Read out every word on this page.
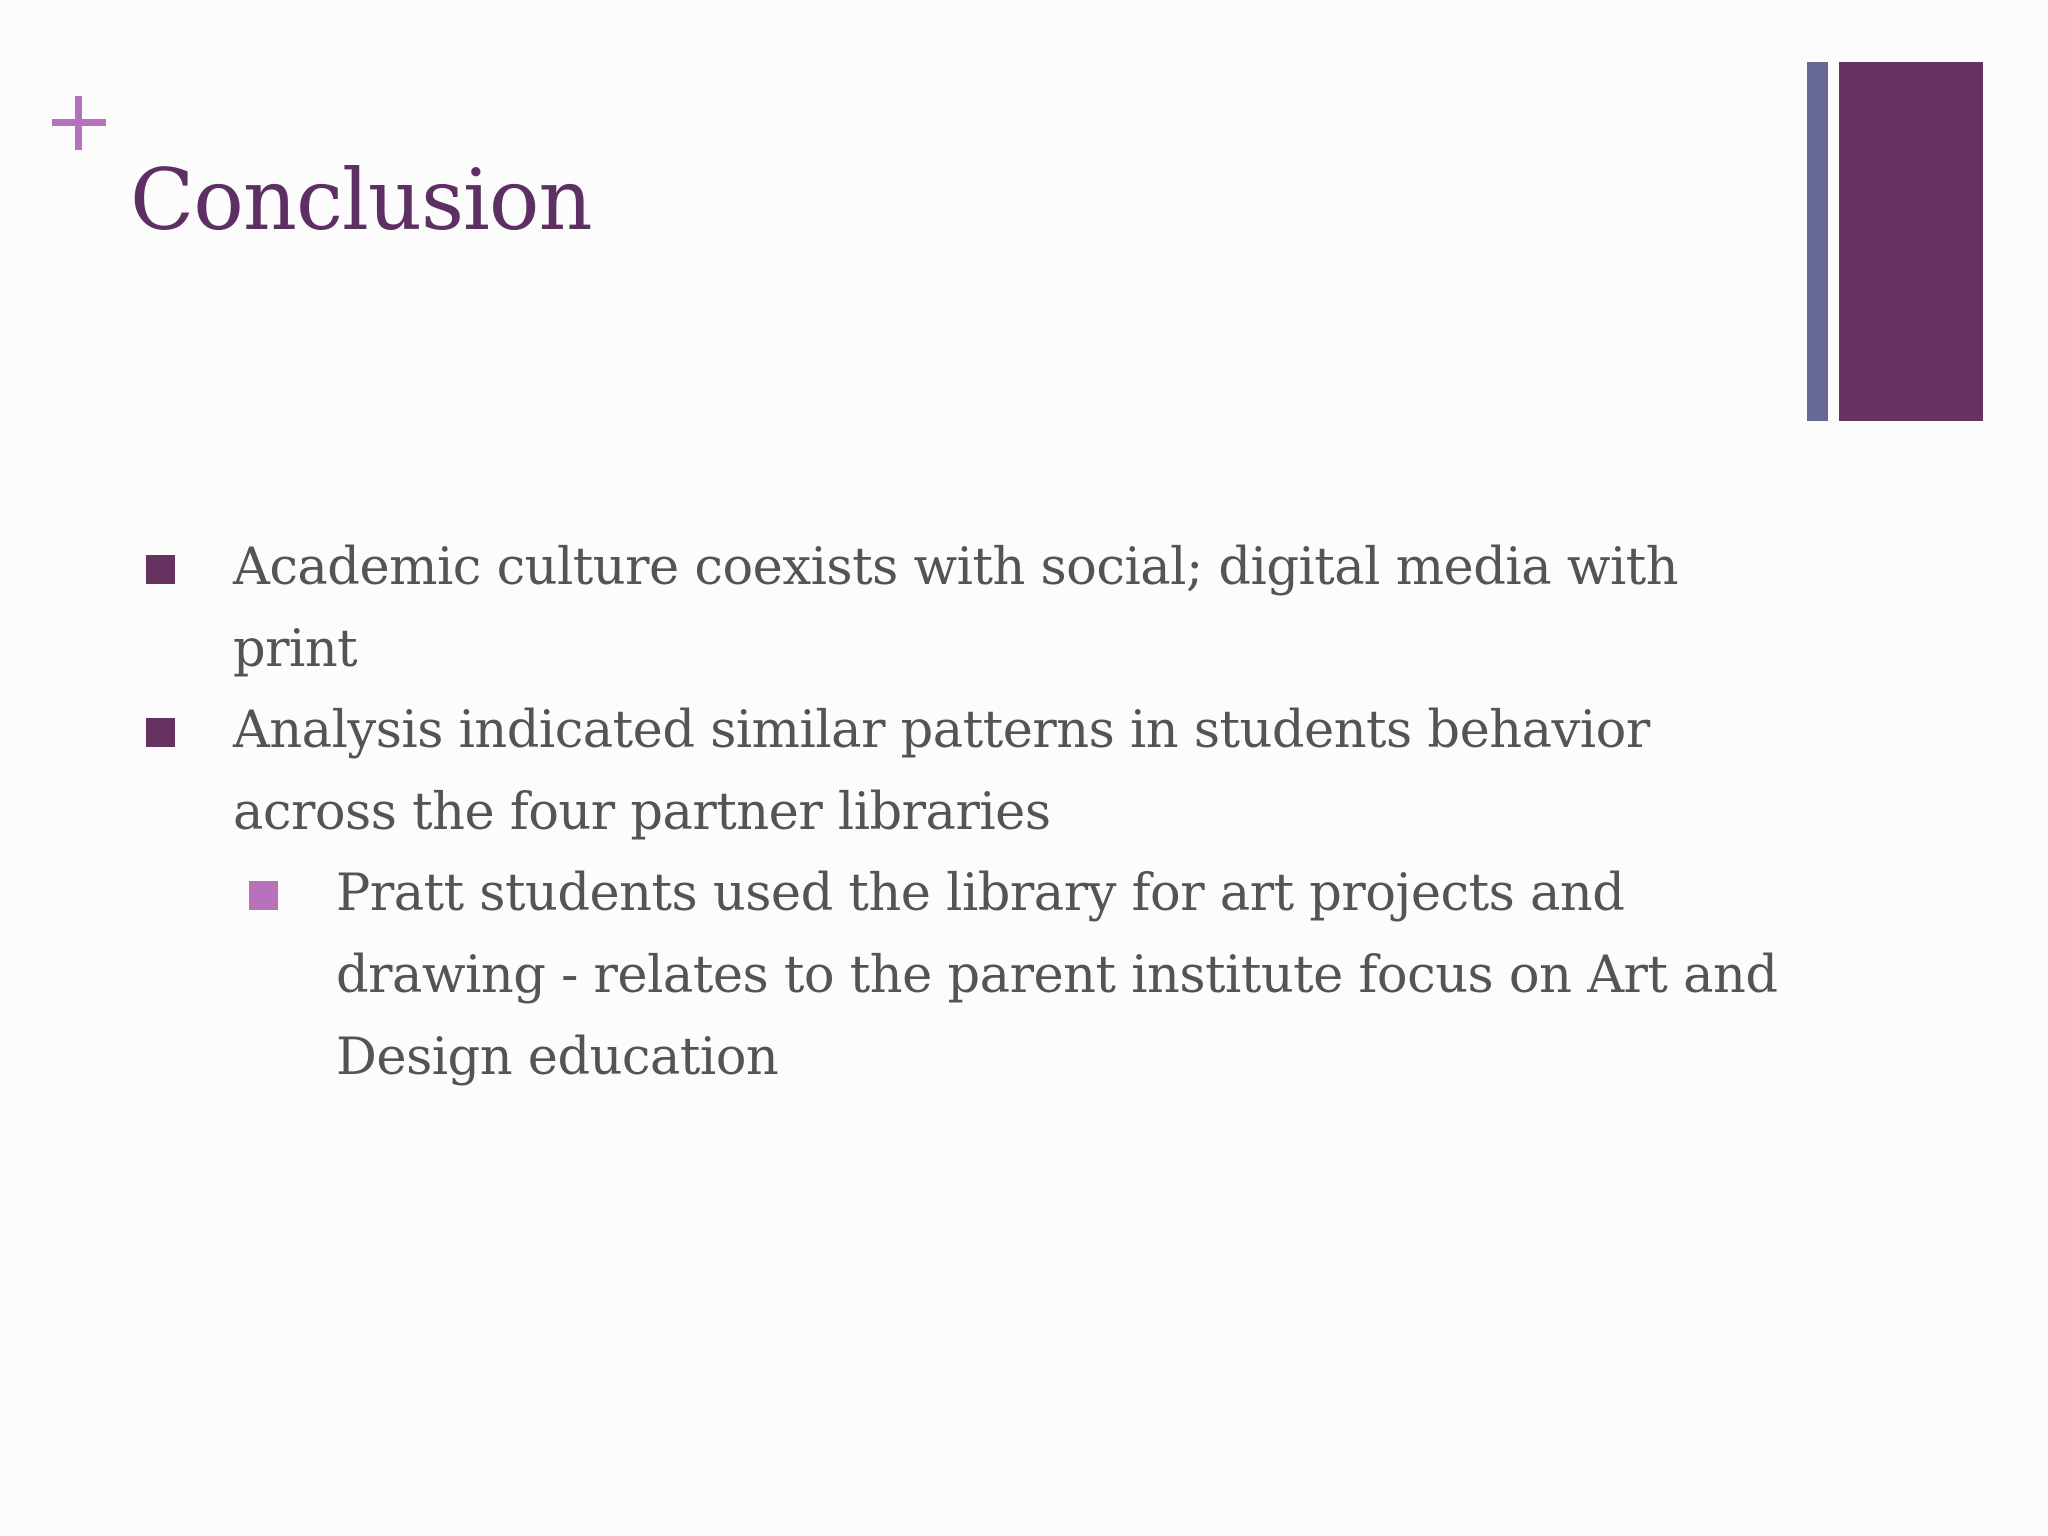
Conclusion
Academic culture coexists with social; digital media with print
Analysis indicated similar patterns in students behavior across the four partner libraries
Pratt students used the library for art projects and drawing - relates to the parent institute focus on Art and Design education
